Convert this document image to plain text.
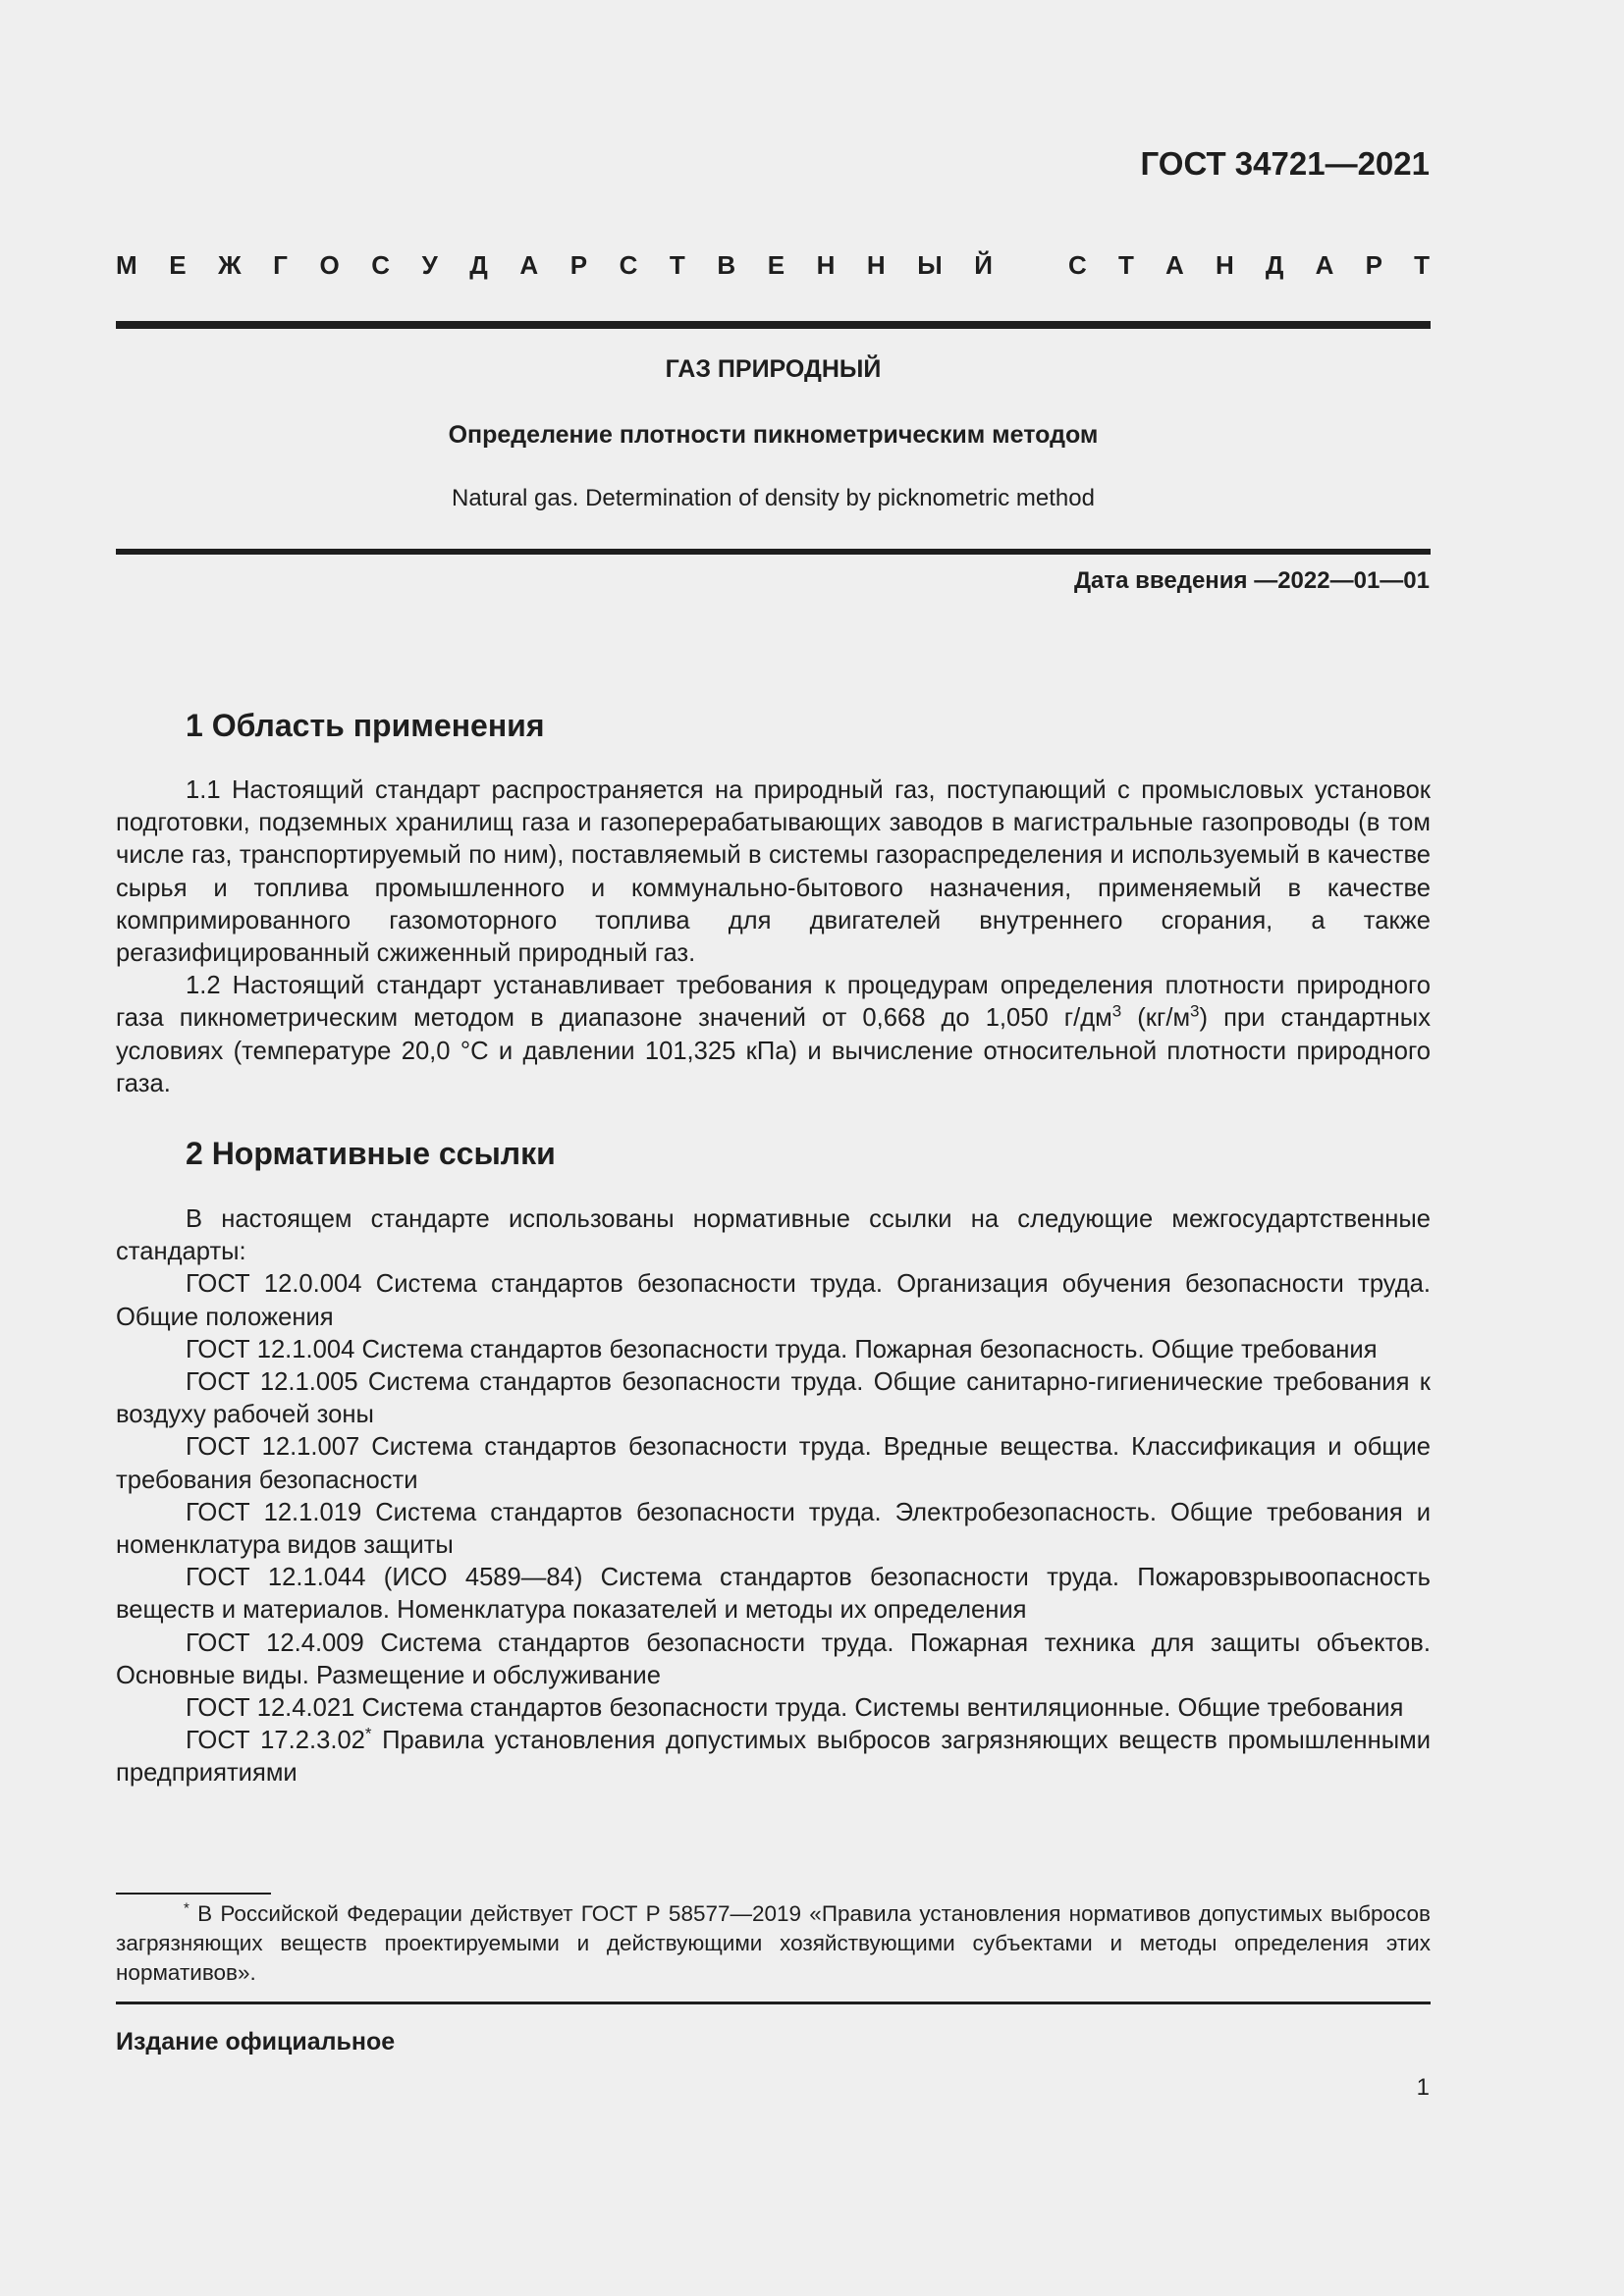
ГОСТ 34721—2021
М Е Ж Г О С У Д А Р С Т В Е Н Н Ы Й	С Т А Н Д А Р Т
ГАЗ ПРИРОДНЫЙ
Определение плотности пикнометрическим методом
Natural gas. Determination of density by picknometric method
Дата введения —2022—01—01
1 Область применения

1.1 Настоящий стандарт распространяется на природный газ, поступающий с промысловых установок подготовки, подземных хранилищ газа и газоперерабатывающих заводов в магистральные газопроводы (в том числе газ, транспортируемый по ним), поставляемый в системы газораспределения и используемый в качестве сырья и топлива промышленного и коммунально-бытового назначения, применяемый в качестве компримированного газомоторного топлива для двигателей внутреннего сгорания, а также регазифицированный сжиженный природный газ.

1.2 Настоящий стандарт устанавливает требования к процедурам определения плотности природного газа пикнометрическим методом в диапазоне значений от 0,668 до 1,050 $г/дм^3$ $(кг/м^3)$ при стандартных условиях (температуре 20,0 °С и давлении 101,325 кПа) и вычисление относительной плотности природного газа.

2 Нормативные ссылки

В настоящем стандарте использованы нормативные ссылки на следующие межгосудартственные стандарты:

ГОСТ 12.0.004 Система стандартов безопасности труда. Организация обучения безопасности труда. Общие положения

ГОСТ 12.1.004 Система стандартов безопасности труда. Пожарная безопасность. Общие требования

ГОСТ 12.1.005 Система стандартов безопасности труда. Общие санитарно-гигиенические требования к воздуху рабочей зоны

ГОСТ 12.1.007 Система стандартов безопасности труда. Вредные вещества. Классификация и общие требования безопасности

ГОСТ 12.1.019 Система стандартов безопасности труда. Электробезопасность. Общие требования и номенклатура видов защиты

ГОСТ 12.1.044 (ИСО 4589—84) Система стандартов безопасности труда. Пожаровзрывоопасность веществ и материалов. Номенклатура показателей и методы их определения

ГОСТ 12.4.009 Система стандартов безопасности труда. Пожарная техника для защиты объектов. Основные виды. Размещение и обслуживание

ГОСТ 12.4.021 Система стандартов безопасности труда. Системы вентиляционные. Общие требования

ГОСТ 17.2.3.02* Правила установления допустимых выбросов загрязняющих веществ промышленными предприятиями

* В Российской Федерации действует ГОСТ Р 58577—2019 «Правила установления нормативов допустимых выбросов загрязняющих веществ проектируемыми и действующими хозяйствующими субъектами и методы определения этих нормативов».

Издание официальное
1
